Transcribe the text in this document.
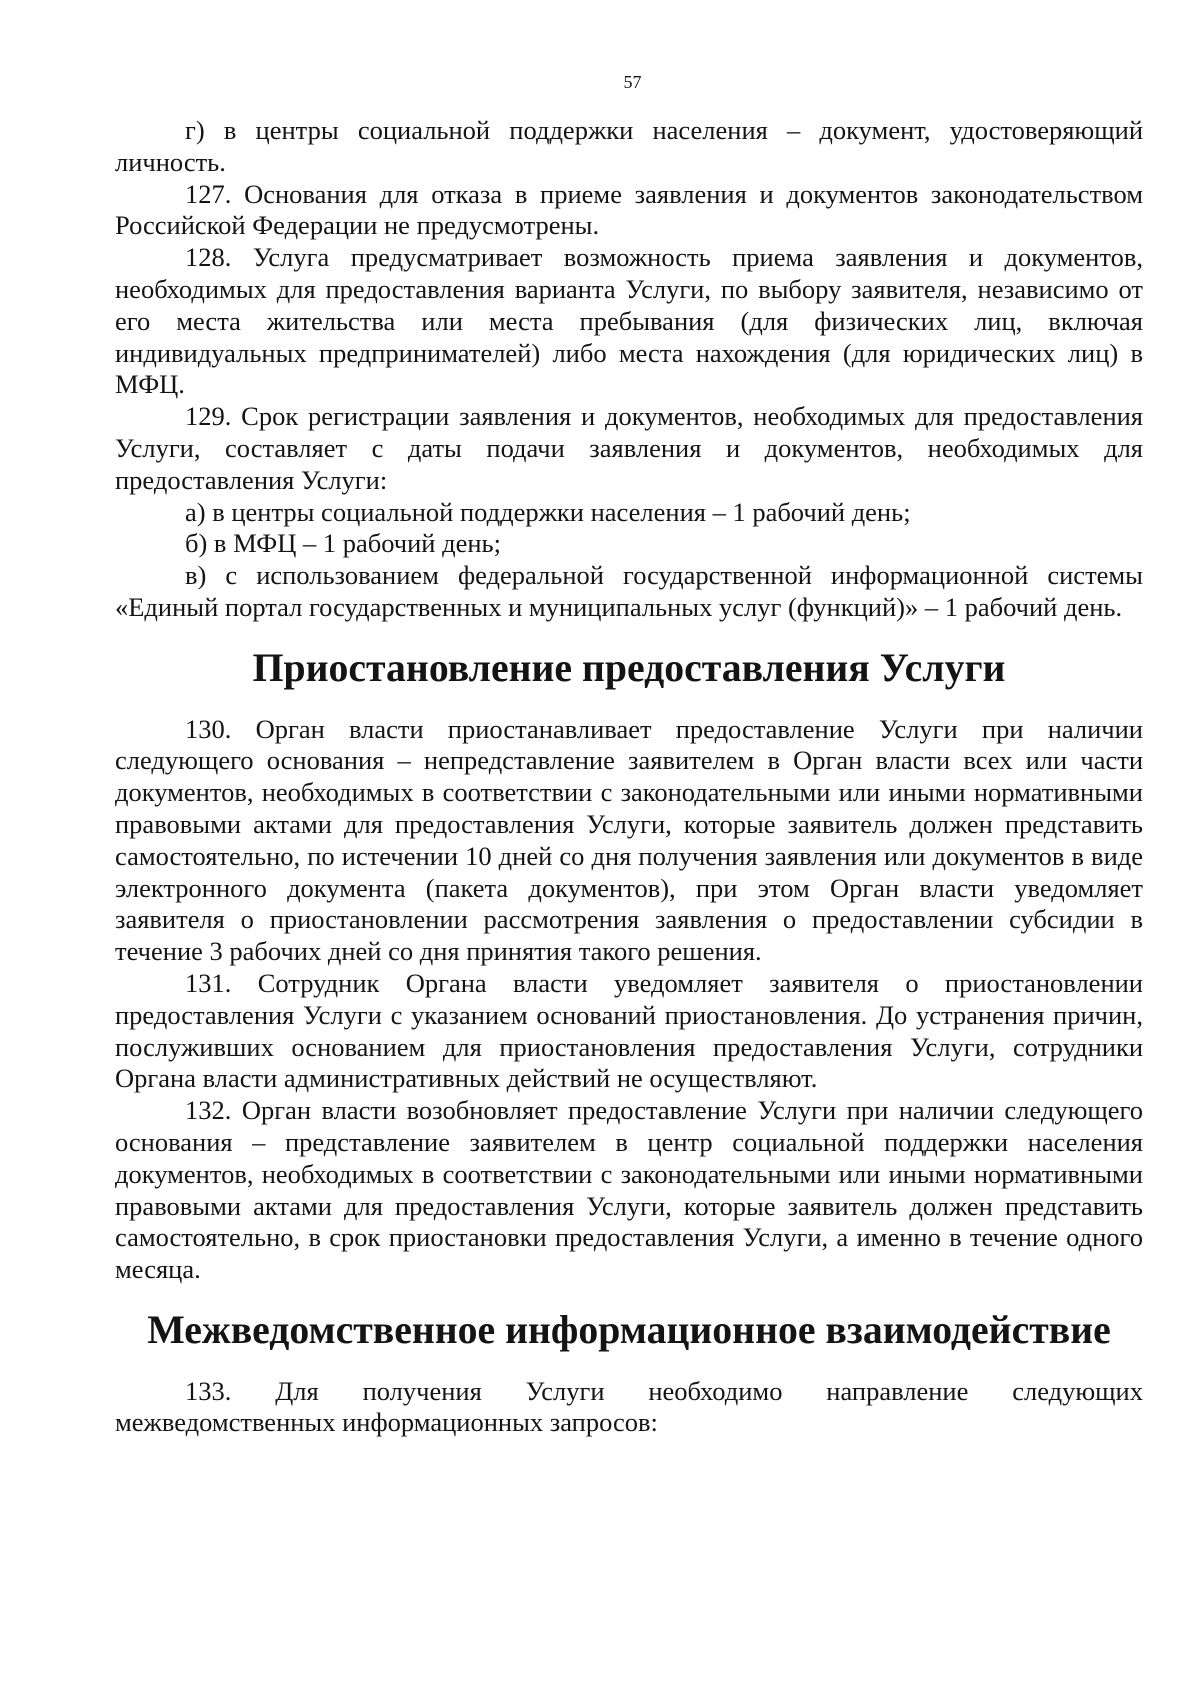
57

г) в центры социальной поддержки населения – документ, удостоверяющий личность.

127. Основания для отказа в приеме заявления и документов законодательством Российской Федерации не предусмотрены.

128. Услуга предусматривает возможность приема заявления и документов, необходимых для предоставления варианта Услуги, по выбору заявителя, независимо от его места жительства или места пребывания (для физических лиц, включая индивидуальных предпринимателей) либо места нахождения (для юридических лиц) в МФЦ.

129. Срок регистрации заявления и документов, необходимых для предоставления Услуги, составляет с даты подачи заявления и документов, необходимых для предоставления Услуги:

а) в центры социальной поддержки населения – 1 рабочий день;

б) в МФЦ – 1 рабочий день;

в) с использованием федеральной государственной информационной системы «Единый портал государственных и муниципальных услуг (функций)» – 1 рабочий день.

Приостановление предоставления Услуги

130. Орган власти приостанавливает предоставление Услуги при наличии следующего основания – непредставление заявителем в Орган власти всех или части документов, необходимых в соответствии с законодательными или иными нормативными правовыми актами для предоставления Услуги, которые заявитель должен представить самостоятельно, по истечении 10 дней со дня получения заявления или документов в виде электронного документа (пакета документов), при этом Орган власти уведомляет заявителя о приостановлении рассмотрения заявления о предоставлении субсидии в течение 3 рабочих дней со дня принятия такого решения.

131. Сотрудник Органа власти уведомляет заявителя о приостановлении предоставления Услуги с указанием оснований приостановления. До устранения причин, послуживших основанием для приостановления предоставления Услуги, сотрудники Органа власти административных действий не осуществляют.

132. Орган власти возобновляет предоставление Услуги при наличии следующего основания – представление заявителем в центр социальной поддержки населения документов, необходимых в соответствии с законодательными или иными нормативными правовыми актами для предоставления Услуги, которые заявитель должен представить самостоятельно, в срок приостановки предоставления Услуги, а именно в течение одного месяца.

Межведомственное информационное взаимодействие

133. Для получения Услуги необходимо направление следующих межведомственных информационных запросов:
